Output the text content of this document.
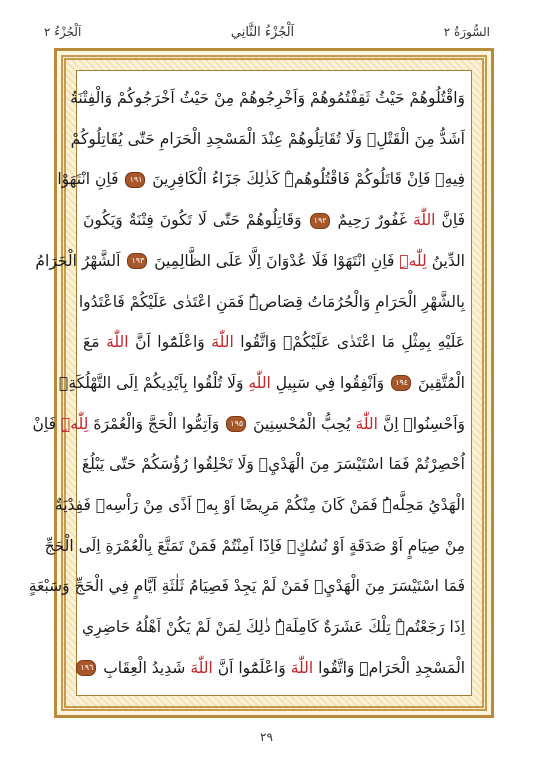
السُّورَةُ ٢
اَلْجُزْءُ الثَّانِي
اَلْجُزْءُ ٢
وَاقْتُلُوهُمْ حَيْثُ ثَقِفْتُمُوهُمْ وَاَخْرِجُوهُمْ مِنْ حَيْثُ اَخْرَجُوكُمْ وَالْفِتْنَةُ
اَشَدُّ مِنَ الْقَتْلِۚ وَلَا تُقَاتِلُوهُمْ عِنْدَ الْمَسْجِدِ الْحَرَامِ حَتّٰى يُقَاتِلُوكُمْ
فِيهِۚ فَاِنْ قَاتَلُوكُمْ فَاقْتُلُوهُمْۜ كَذٰلِكَ جَزَٓاءُ الْكَافِرِينَ ١٩١ فَاِنِ انْتَهَوْا
فَاِنَّ اللّٰهَ غَفُورٌ رَحِيمٌ ١٩٢ وَقَاتِلُوهُمْ حَتّٰى لَا تَكُونَ فِتْنَةٌ وَيَكُونَ
الدِّينُ لِلّٰهِۜ فَاِنِ انْتَهَوْا فَلَا عُدْوَانَ اِلَّا عَلَى الظَّالِمِينَ ١٩٣ اَلشَّهْرُ الْحَرَامُ
بِالشَّهْرِ الْحَرَامِ وَالْحُرُمَاتُ قِصَاصٌۜ فَمَنِ اعْتَدٰى عَلَيْكُمْ فَاعْتَدُوا
عَلَيْهِ بِمِثْلِ مَا اعْتَدٰى عَلَيْكُمْۖ وَاتَّقُوا اللّٰهَ وَاعْلَمُٓوا اَنَّ اللّٰهَ مَعَ
الْمُتَّقِينَ ١٩٤ وَاَنْفِقُوا فِي سَبِيلِ اللّٰهِ وَلَا تُلْقُوا بِاَيْدِيكُمْ اِلَى التَّهْلُكَةِۚ
وَاَحْسِنُواۚ اِنَّ اللّٰهَ يُحِبُّ الْمُحْسِنِينَ ١٩٥ وَاَتِمُّوا الْحَجَّ وَالْعُمْرَةَ لِلّٰهِۜ فَاِنْ
اُحْصِرْتُمْ فَمَا اسْتَيْسَرَ مِنَ الْهَدْيِۚ وَلَا تَحْلِقُوا رُؤُسَكُمْ حَتّٰى يَبْلُغَ
الْهَدْيُ مَحِلَّهُۜ فَمَنْ كَانَ مِنْكُمْ مَرِيضًا اَوْ بِه۪ٓ اَذًى مِنْ رَاْسِه۪ فَفِدْيَةٌ
مِنْ صِيَامٍ اَوْ صَدَقَةٍ اَوْ نُسُكٍۚ فَاِذَٓا اَمِنْتُمْ فَمَنْ تَمَتَّعَ بِالْعُمْرَةِ اِلَى الْحَجِّ
فَمَا اسْتَيْسَرَ مِنَ الْهَدْيِۚ فَمَنْ لَمْ يَجِدْ فَصِيَامُ ثَلٰثَةِ اَيَّامٍ فِي الْحَجِّ وَسَبْعَةٍ
اِذَا رَجَعْتُمْۜ تِلْكَ عَشَرَةٌ كَامِلَةٌۜ ذٰلِكَ لِمَنْ لَمْ يَكُنْ اَهْلُهُ حَاضِرِي
الْمَسْجِدِ الْحَرَامِۜ وَاتَّقُوا اللّٰهَ وَاعْلَمُٓوا اَنَّ اللّٰهَ شَدِيدُ الْعِقَابِ ١٩٦
٢٩
